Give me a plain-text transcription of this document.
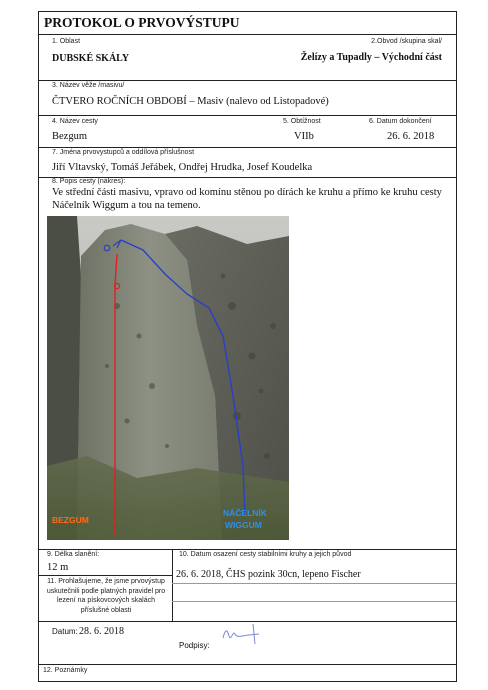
PROTOKOL O PRVOVÝSTUPU
1. Oblast
DUBSKÉ SKÁLY
2.Obvod /skupina skal/
Želízy a Tupadly – Východní část
3. Název věže /masivu/
ČTVERO ROČNÍCH OBDOBÍ – Masiv (nalevo od Listopadové)
4. Název cesty
Bezgum
5. Obtížnost
VIIb
6. Datum dokončení
26. 6. 2018
7. Jména prvovystupců a oddílová příslušnost
Jiří Vltavský, Tomáš Jeřábek, Ondřej Hrudka, Josef Koudelka
8. Popis cesty (nákres):
Ve střední části masivu, vpravo od komínu stěnou po dírách ke kruhu a přímo ke kruhu cesty Náčelník Wiggum a tou na temeno.
BEZGUM
NÁČELNÍK
WIGGUM
9. Délka slanění:
12 m
10. Datum osazení cesty stabilními kruhy a jejich původ
26. 6. 2018, ČHS pozink 30cn, lepeno Fischer
11. Prohlašujeme, že jsme prvovýstup uskutečnili podle platných pravidel pro lezení na pískovcových skalách příslušné oblasti
Datum: 28. 6. 2018
Podpisy:
12. Poznámky
